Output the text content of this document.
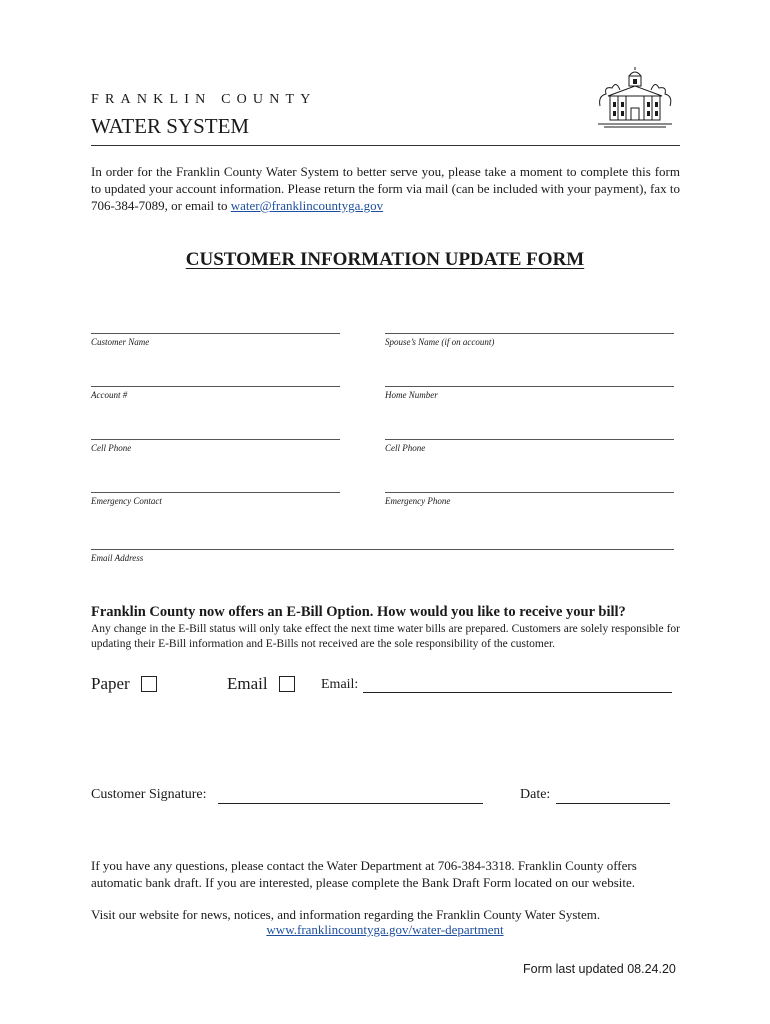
FRANKLIN COUNTY
WATER SYSTEM
In order for the Franklin County Water System to better serve you, please take a moment to complete this form to updated your account information. Please return the form via mail (can be included with your payment), fax to 706-384-7089, or email to water@franklincountyga.gov
CUSTOMER INFORMATION UPDATE FORM
Customer Name	Spouse’s Name (if on account)
Account #	Home Number
Cell Phone	Cell Phone
Emergency Contact	Emergency Phone
Email Address
Franklin County now offers an E-Bill Option. How would you like to receive your bill?
Any change in the E-Bill status will only take effect the next time water bills are prepared. Customers are solely responsible for updating their E-Bill information and E-Bills not received are the sole responsibility of the customer.
Paper	Email	Email:
Customer Signature:	Date:
If you have any questions, please contact the Water Department at 706-384-3318. Franklin County offers automatic bank draft. If you are interested, please complete the Bank Draft Form located on our website.
Visit our website for news, notices, and information regarding the Franklin County Water System.
www.franklincountyga.gov/water-department
Form last updated 08.24.20
